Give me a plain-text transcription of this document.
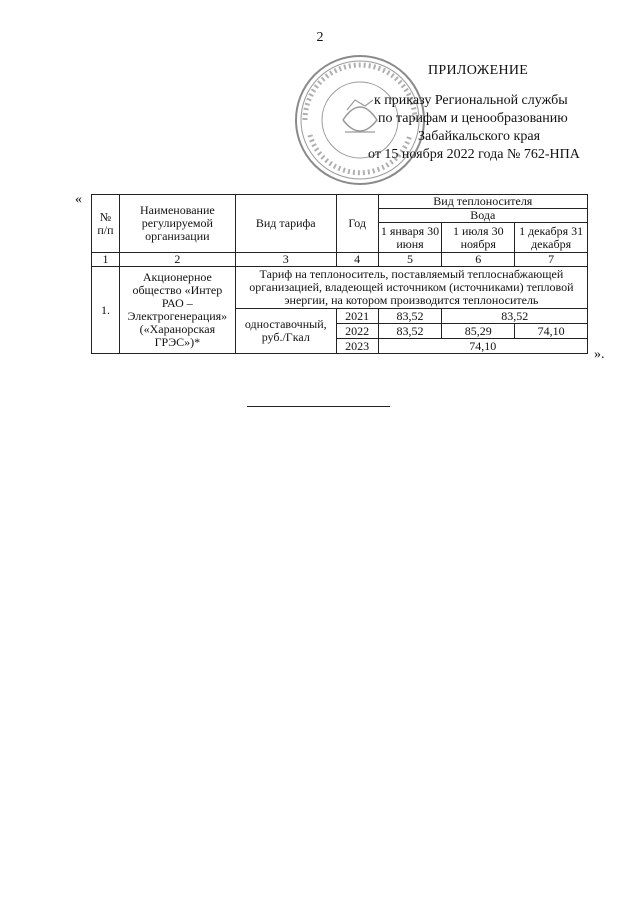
2
ПРИЛОЖЕНИЕ
к приказу Региональной службы
по тарифам и ценообразованию
Забайкальского края
от 15 ноября 2022 года № 762-НПА
«
№ п/п	Наименование регулируемой организации	Вид тарифа	Год	Вид теплоносителя		
				Вода		
				1 января 30 июня	1 июля 30 ноября	1 декабря 31 декабря
1	2	3	4	5	6	7
1.	Акционерное общество «Интер РАО – Электрогенерация» («Харанорская ГРЭС»)*	Тариф на теплоноситель, поставляемый теплоснабжающей организацией, владеющей источником (источниками) тепловой энергии, на котором производится теплоноситель				
		одноставочный, руб./Гкал	2021	83,52	83,52	
			2022	83,52	85,29	74,10
			2023	74,10		
».
